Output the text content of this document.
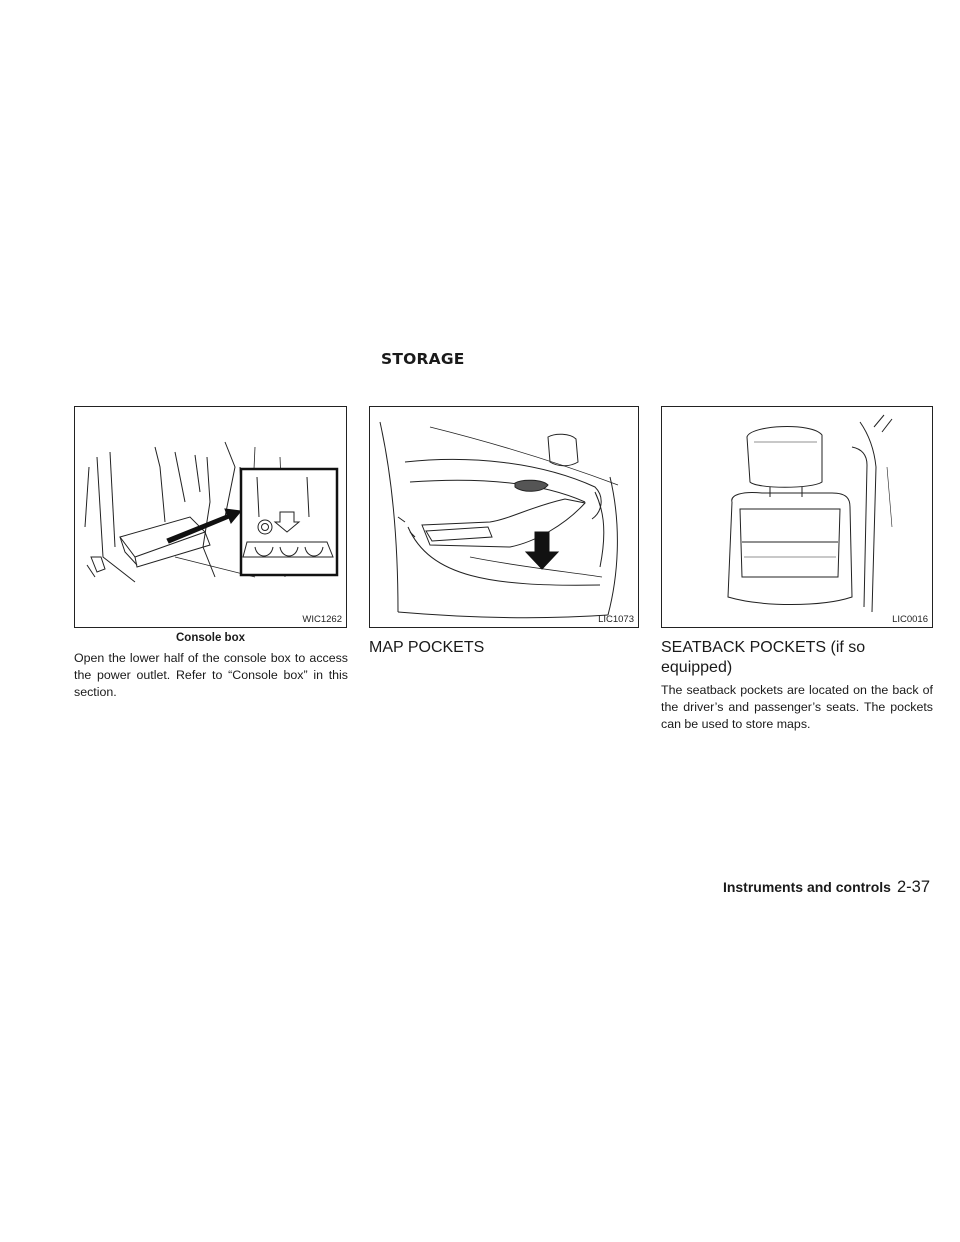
STORAGE
WIC1262

Console box

Open the lower half of the console box to access the power outlet. Refer to “Console box” in this section.

LIC1073
MAP POCKETS
LIC0016
SEATBACK POCKETS (if so equipped)

The seatback pockets are located on the back of the driver’s and passenger’s seats. The pockets can be used to store maps.

Instruments and controls 2-37
